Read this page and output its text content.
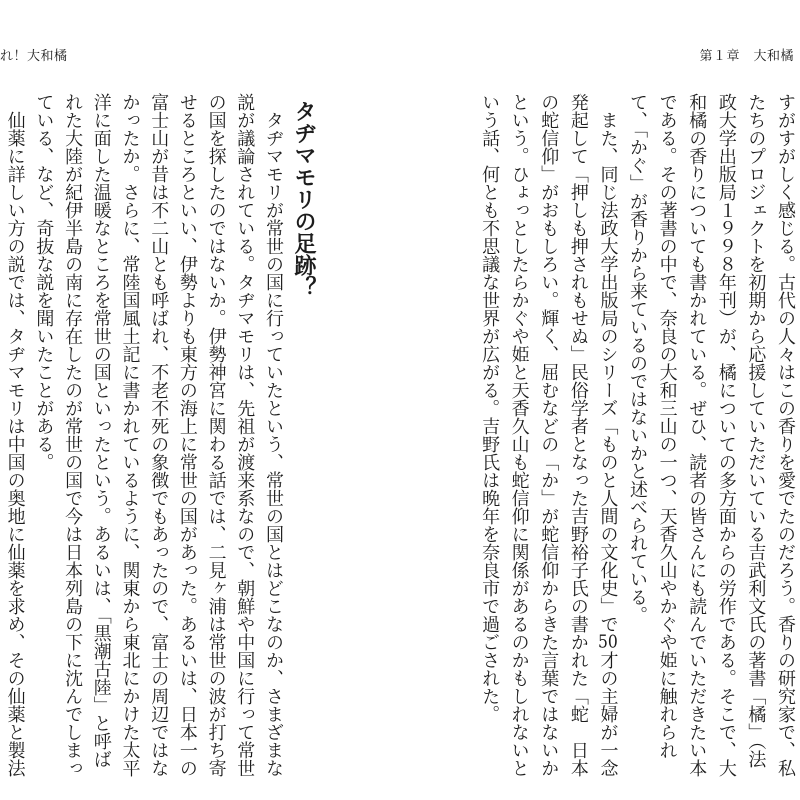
れ！大和橘	第１章　大和橘

すがすがしく感じる。古代の人々はこの香りを愛でたのだろう。香りの研究家で、私

たちのプロジェクトを初期から応援していただいている吉武利文氏の著書「橘」（法

政大学出版局１９９８年刊）が、橘についての多方面からの労作である。そこで、大

和橘の香りについても書かれている。ぜひ、読者の皆さんにも読んでいただきたい本

である。その著書の中で、奈良の大和三山の一つ、天香久山やかぐや姫に触れられ

て、「かぐ」が香りから来ているのではないかと述べられている。

また、同じ法政大学出版局のシリーズ「ものと人間の文化史」で50才の主婦が一念

発起して「押しも押されもせぬ」民俗学者となった吉野裕子氏の書かれた「蛇　日本

の蛇信仰」がおもしろい。輝く、屈むなどの「か」が蛇信仰からきた言葉ではないか

という。ひょっとしたらかぐや姫と天香久山も蛇信仰に関係があるのかもしれないと

いう話、何とも不思議な世界が広がる。吉野氏は晩年を奈良市で過ごされた。

タヂマモリの足跡？

タヂマモリが常世の国に行っていたという、常世の国とはどこなのか、さまざまな

説が議論されている。タヂマモリは、先祖が渡来系なので、朝鮮や中国に行って常世

の国を探したのではないか。伊勢神宮に関わる話では、二見ヶ浦は常世の波が打ち寄

せるところといい、伊勢よりも東方の海上に常世の国があった。あるいは、日本一の

富士山が昔は不二山とも呼ばれ、不老不死の象徴でもあったので、富士の周辺ではな

かったか。さらに、常陸国風土記に書かれているように、関東から東北にかけた太平

洋に面した温暖なところを常世の国といったという。あるいは、「黒潮古陸」と呼ば

れた大陸が紀伊半島の南に存在したのが常世の国で今は日本列島の下に沈んでしまっ

ている、など、奇抜な説を聞いたことがある。

仙薬に詳しい方の説では、タヂマモリは中国の奥地に仙薬を求め、その仙薬と製法
